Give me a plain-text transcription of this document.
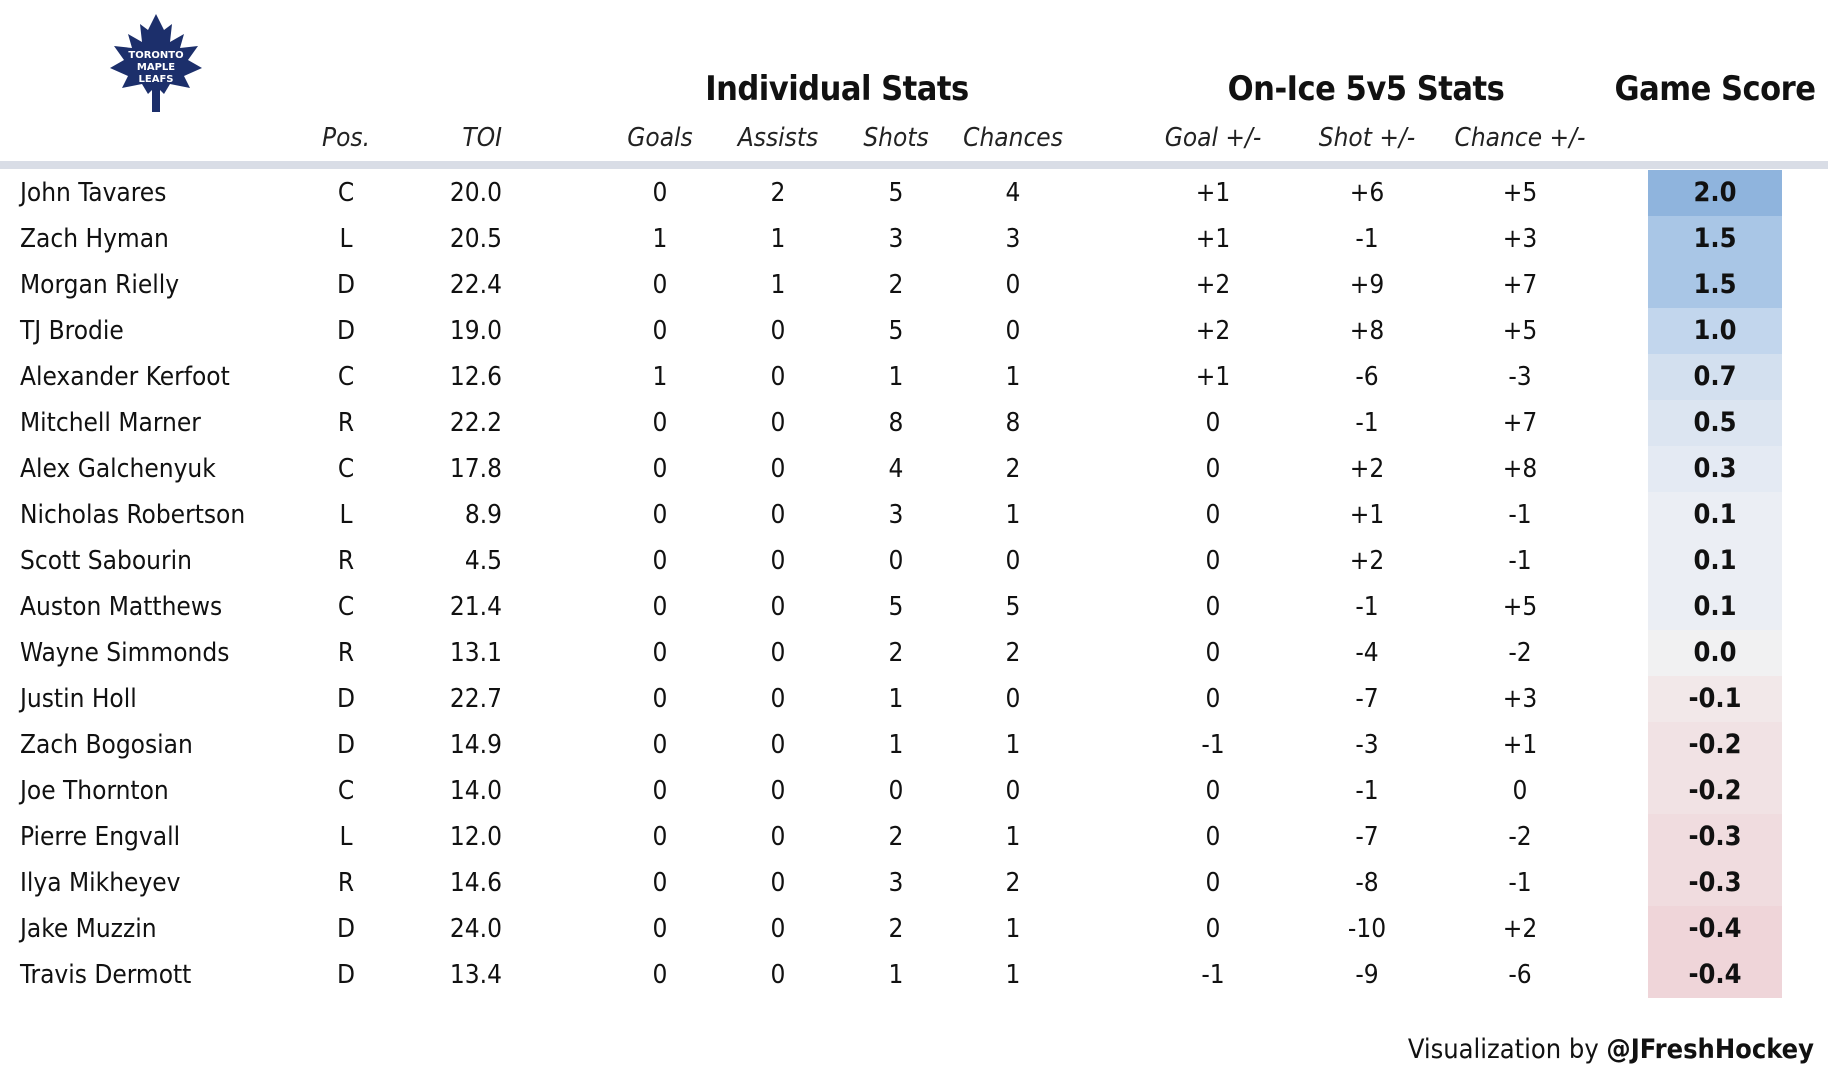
TORONTO
MAPLE
LEAFS	Individual Stats	On-Ice 5v5 Stats	Game Score
Pos.	TOI	Goals	Assists	Shots	Chances	Goal +/-	Shot +/-	Chance +/-
John Tavares	C	20.0	0	2	5	4	+1	+6	+5	2.0
Zach Hyman	L	20.5	1	1	3	3	+1	-1	+3	1.5
Morgan Rielly	D	22.4	0	1	2	0	+2	+9	+7	1.5
TJ Brodie	D	19.0	0	0	5	0	+2	+8	+5	1.0
Alexander Kerfoot	C	12.6	1	0	1	1	+1	-6	-3	0.7
Mitchell Marner	R	22.2	0	0	8	8	0	-1	+7	0.5
Alex Galchenyuk	C	17.8	0	0	4	2	0	+2	+8	0.3
Nicholas Robertson	L	8.9	0	0	3	1	0	+1	-1	0.1
Scott Sabourin	R	4.5	0	0	0	0	0	+2	-1	0.1
Auston Matthews	C	21.4	0	0	5	5	0	-1	+5	0.1
Wayne Simmonds	R	13.1	0	0	2	2	0	-4	-2	0.0
Justin Holl	D	22.7	0	0	1	0	0	-7	+3	-0.1
Zach Bogosian	D	14.9	0	0	1	1	-1	-3	+1	-0.2
Joe Thornton	C	14.0	0	0	0	0	0	-1	0	-0.2
Pierre Engvall	L	12.0	0	0	2	1	0	-7	-2	-0.3
Ilya Mikheyev	R	14.6	0	0	3	2	0	-8	-1	-0.3
Jake Muzzin	D	24.0	0	0	2	1	0	-10	+2	-0.4
Travis Dermott	D	13.4	0	0	1	1	-1	-9	-6	-0.4
Visualization by @JFreshHockey
